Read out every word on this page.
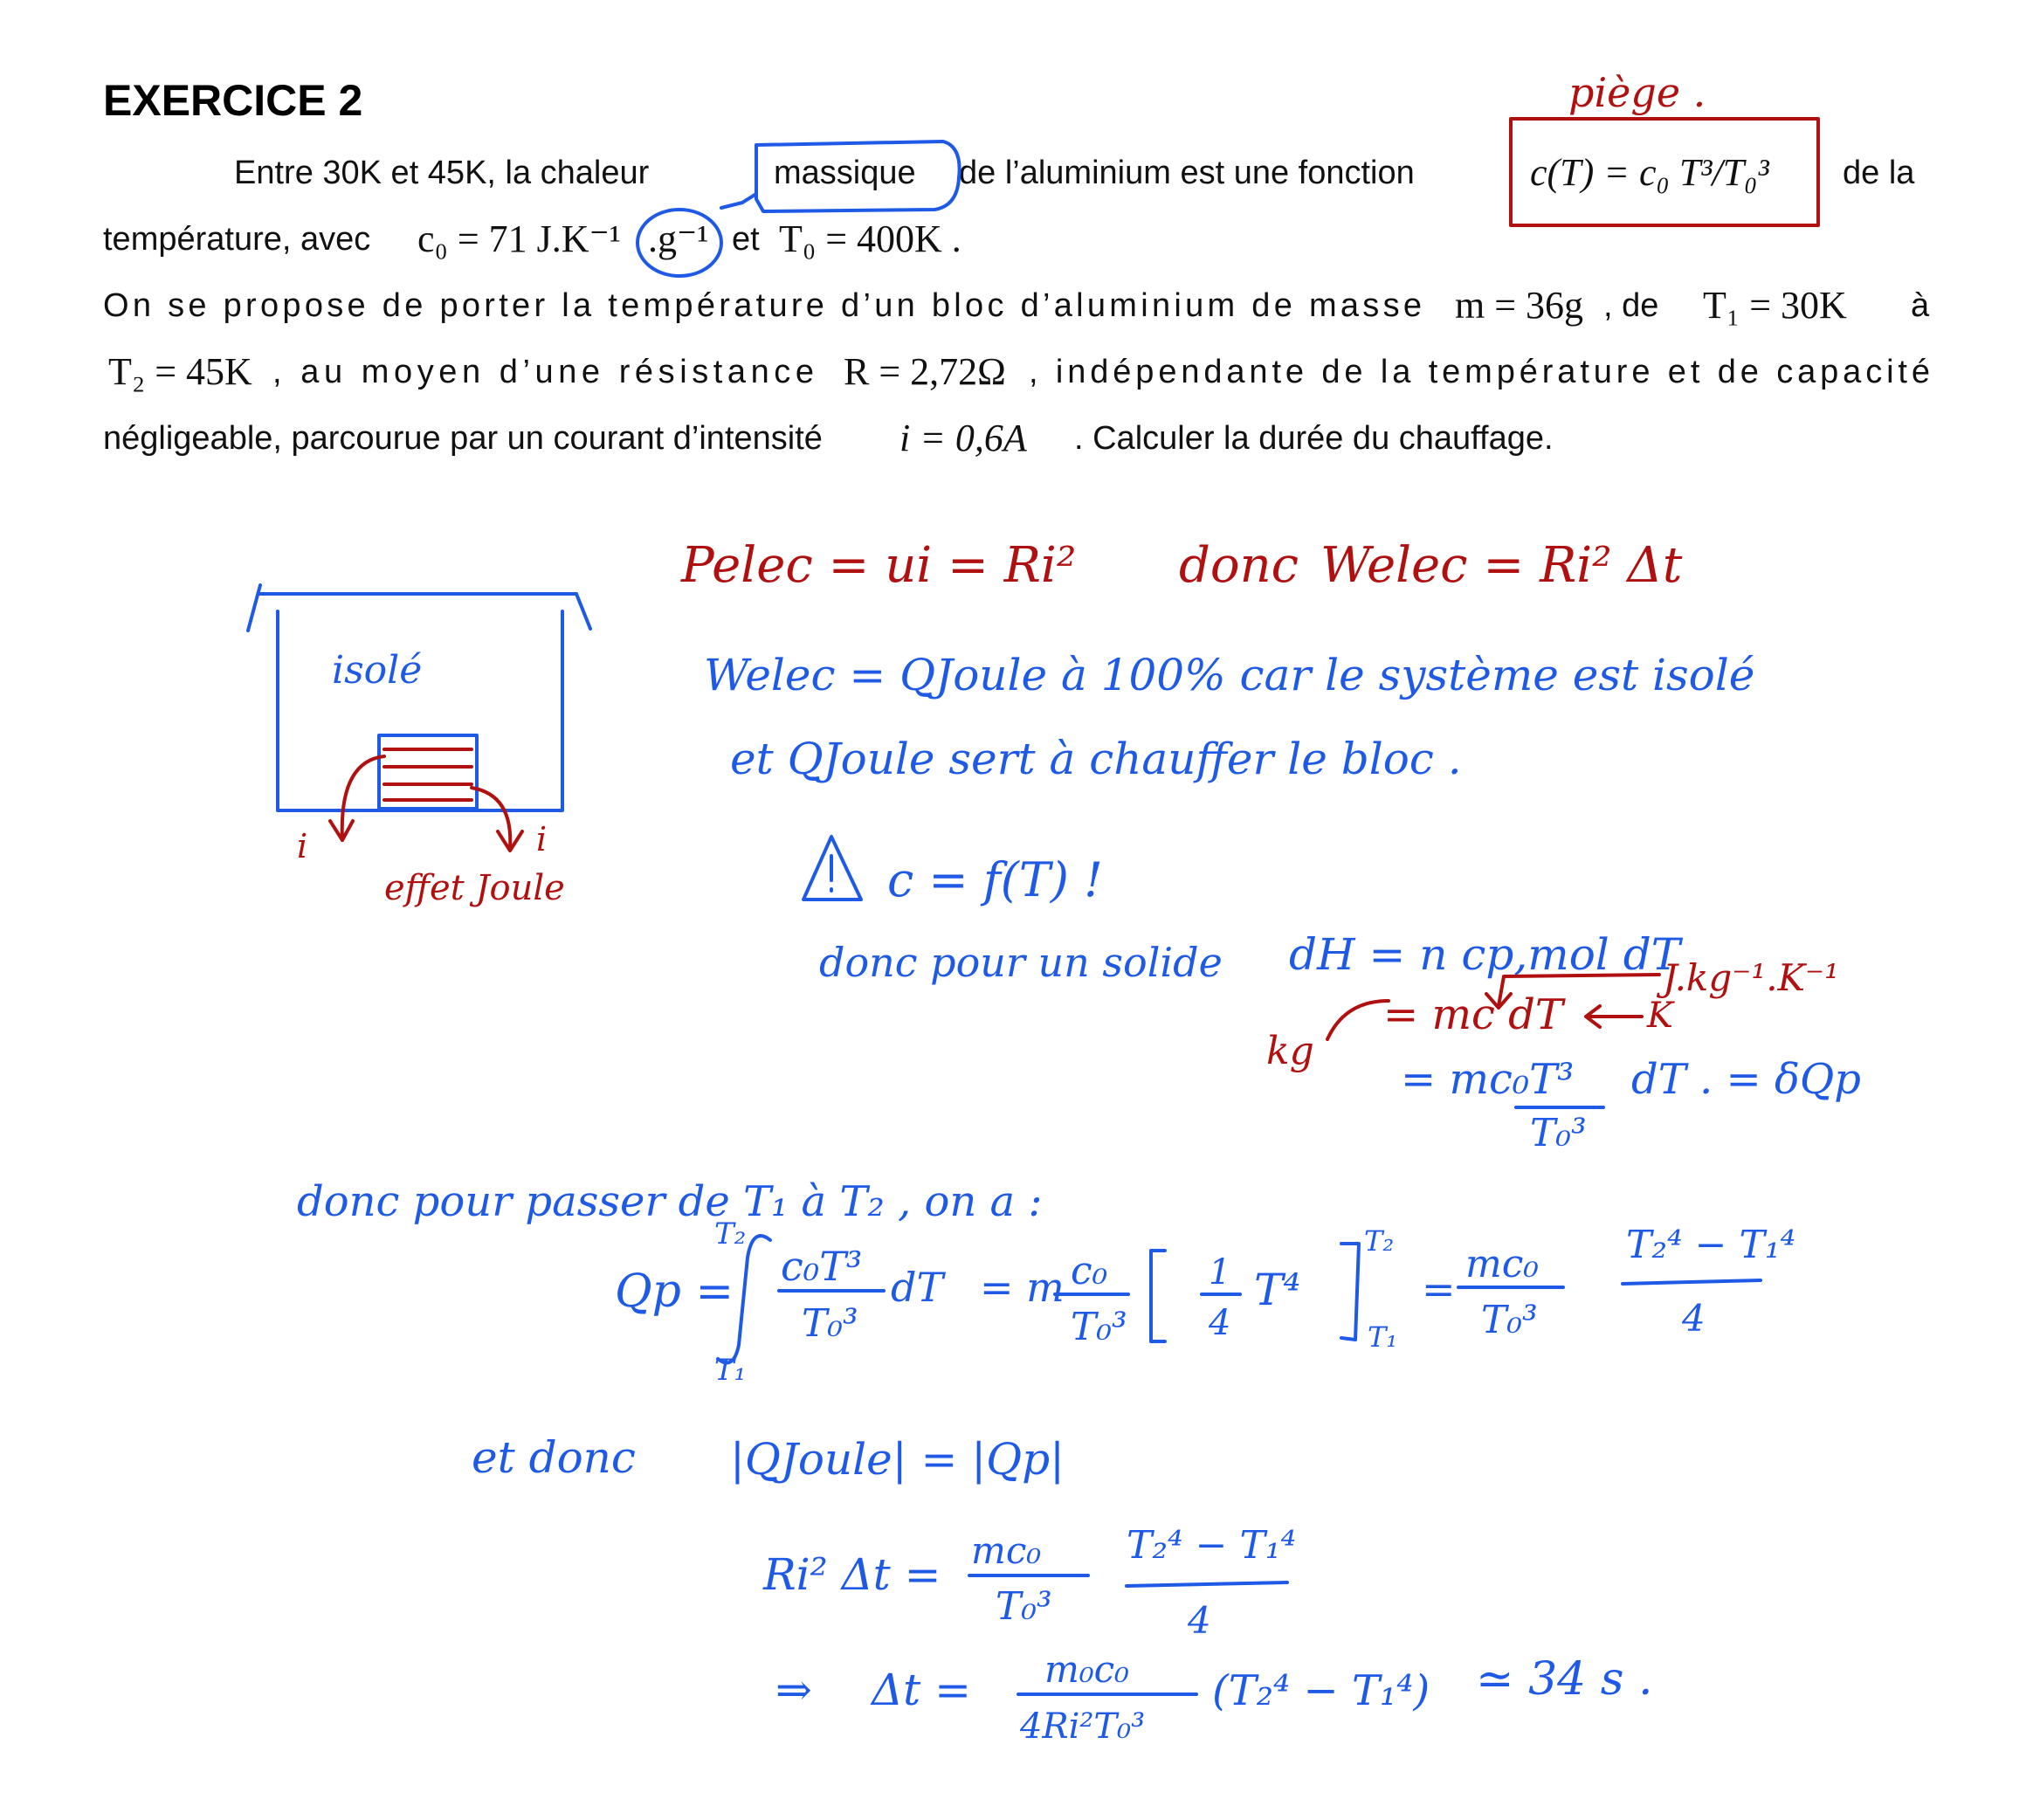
EXERCICE 2
Entre 30K et 45K, la chaleur	massique de l’aluminium est une fonction	c(T) = c₀ T³/T₀³ de la
température, avec c₀ = 71 J.K⁻¹ .g⁻¹ et T₀ = 400K .
On se propose de porter la température d’un bloc d’aluminium de masse m = 36g , de T₁ = 30K à
T₂ = 45K , au moyen d’une résistance R = 2,72Ω , indépendante de la température et de capacité
négligeable, parcourue par un courant d’intensité i = 0,6A . Calculer la durée du chauffage.
piège .
isolé
i	i
effet Joule
Pelec = ui = Ri² donc Welec = Ri² Δt
Welec = QJoule à 100% car le système est isolé
et QJoule sert à chauffer le bloc .
c = f(T) !
donc pour un solide dH = n cp,mol dT
J.kg⁻¹.K⁻¹
= mc dT K
kg
= mc₀T³
T₀³
dT . = δQp
donc pour passer de T₁ à T₂ , on a :
Qp =
T₂
T₁
c₀T³
T₀³
dT = m c₀
T₀³
1
4
T⁴
T₂
T₁
=
mc₀
T₀³
T₂⁴ − T₁⁴
4
et donc |QJoule| = |Qp|
Ri² Δt = mc₀
T₀³
T₂⁴ − T₁⁴
4
⇒ Δt = m₀c₀
4Ri²T₀³
(T₂⁴ − T₁⁴) ≃ 34 s .
